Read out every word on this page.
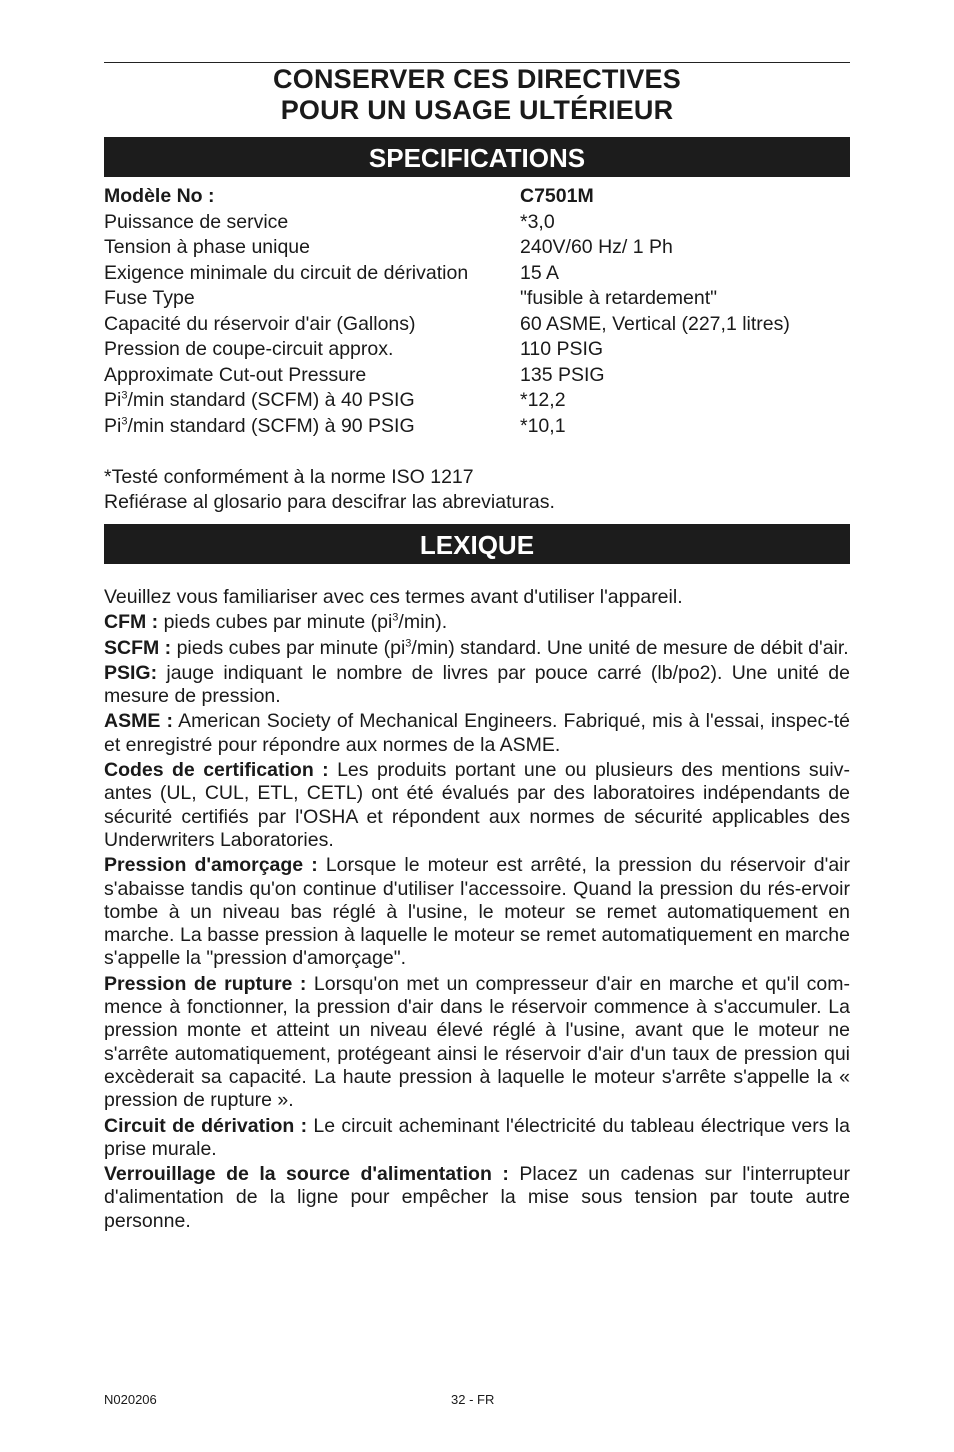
CONSERVER CES DIRECTIVES
POUR UN USAGE ULTÉRIEUR
SPECIFICATIONS
Modèle No :	C7501M
Puissance de service	*3,0
Tension à phase unique	240V/60 Hz/ 1 Ph
Exigence minimale du circuit de dérivation	15 A
Fuse Type	"fusible à retardement"
Capacité du réservoir d'air (Gallons)	60 ASME, Vertical (227,1 litres)
Pression de coupe-circuit approx.	110 PSIG
Approximate Cut-out Pressure	135 PSIG
Pi$^3$/min standard (SCFM) à 40 PSIG	*12,2
Pi$^3$/min standard (SCFM) à 90 PSIG	*10,1
*Testé conformément à la norme ISO 1217
Refiérase al glosario para descifrar las abreviaturas.
LEXIQUE

Veuillez vous familiariser avec ces termes avant d'utiliser l'appareil.

CFM : pieds cubes par minute $(pi^3/\min)$.

SCFM : pieds cubes par minute $(pi^3/\min)$ standard. Une unité de mesure de débit d'air.

PSIG: jauge indiquant le nombre de livres par pouce carré (lb/po2). Une unité de mesure de pression.

ASME : American Society of Mechanical Engineers. Fabriqué, mis à l'essai, inspec-té et enregistré pour répondre aux normes de la ASME.

Codes de certification : Les produits portant une ou plusieurs des mentions suiv-antes (UL, CUL, ETL, CETL) ont été évalués par des laboratoires indépendants de sécurité certifiés par l'OSHA et répondent aux normes de sécurité applicables des Underwriters Laboratories.

Pression d'amorçage : Lorsque le moteur est arrêté, la pression du réservoir d'air s'abaisse tandis qu'on continue d'utiliser l'accessoire. Quand la pression du rés-ervoir tombe à un niveau bas réglé à l'usine, le moteur se remet automatiquement en marche. La basse pression à laquelle le moteur se remet automatiquement en marche s'appelle la "pression d'amorçage".

Pression de rupture : Lorsqu'on met un compresseur d'air en marche et qu'il com-mence à fonctionner, la pression d'air dans le réservoir commence à s'accumuler. La pression monte et atteint un niveau élevé réglé à l'usine, avant que le moteur ne s'arrête automatiquement, protégeant ainsi le réservoir d'air d'un taux de pression qui excèderait sa capacité. La haute pression à laquelle le moteur s'arrête s'appelle la « pression de rupture ».

Circuit de dérivation : Le circuit acheminant l'électricité du tableau électrique vers la prise murale.

Verrouillage de la source d'alimentation : Placez un cadenas sur l'interrupteur d'alimentation de la ligne pour empêcher la mise sous tension par toute autre personne.

N020206	32 - FR
